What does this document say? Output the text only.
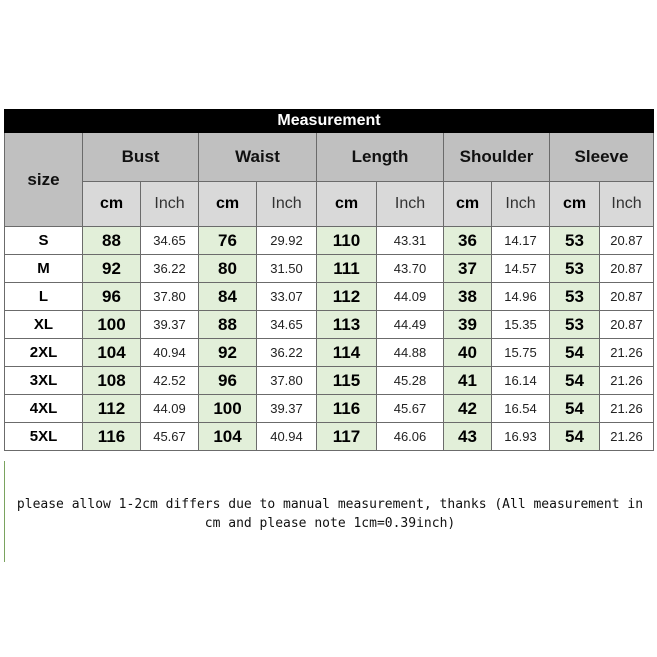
Measurement										
size	Bust		Waist		Length		Shoulder		Sleeve	
	cm	Inch	cm	Inch	cm	Inch	cm	Inch	cm	Inch
S	88	34.65	76	29.92	110	43.31	36	14.17	53	20.87
M	92	36.22	80	31.50	111	43.70	37	14.57	53	20.87
L	96	37.80	84	33.07	112	44.09	38	14.96	53	20.87
XL	100	39.37	88	34.65	113	44.49	39	15.35	53	20.87
2XL	104	40.94	92	36.22	114	44.88	40	15.75	54	21.26
3XL	108	42.52	96	37.80	115	45.28	41	16.14	54	21.26
4XL	112	44.09	100	39.37	116	45.67	42	16.54	54	21.26
5XL	116	45.67	104	40.94	117	46.06	43	16.93	54	21.26
please allow 1-2cm differs due to manual measurement, thanks (All measurement in cm and please note 1cm=0.39inch)
